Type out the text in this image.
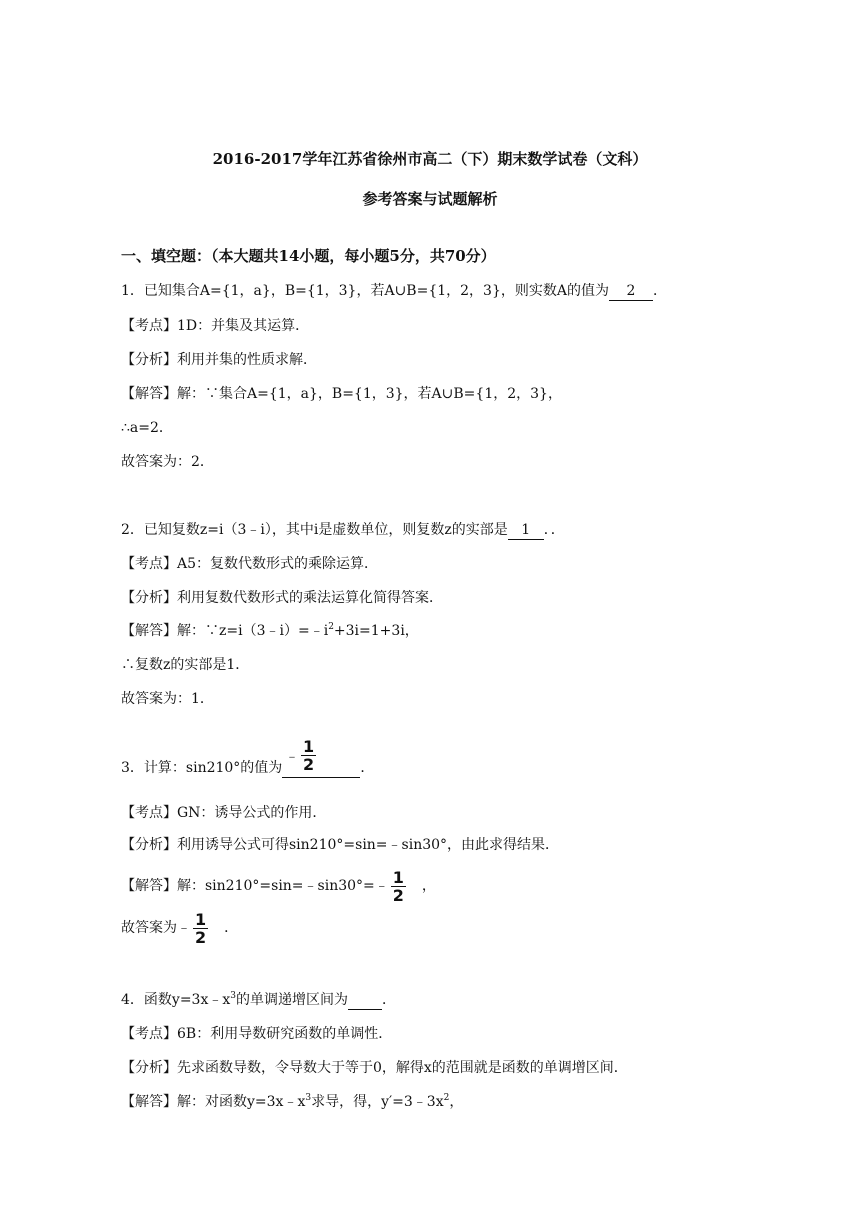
2016-2017学年江苏省徐州市高二（下）期末数学试卷（文科）
参考答案与试题解析
一、填空题：（本大题共14小题，每小题5分，共70分）
1．已知集合A={1，a}，B={1，3}，若A∪B={1，2，3}，则实数A的值为 2 ．
【考点】1D：并集及其运算．
【分析】利用并集的性质求解．
【解答】解：∵集合A={1，a}，B={1，3}，若A∪B={1，2，3}，
∴a=2．
故答案为：2．
2．已知复数z=i（3﹣i），其中i是虚数单位，则复数z的实部是 1 ．．
【考点】A5：复数代数形式的乘除运算．
【分析】利用复数代数形式的乘法运算化简得答案．
【解答】解：$\because z=i(3﹣i)=﹣i^2+3i=1+3i$，
∴复数z的实部是1．
故答案为：1．
3．计算：sin210°的值为	．
﹣ $\frac{1}{2}$
【考点】GN：诱导公式的作用．
【分析】利用诱导公式可得sin210°=sin=﹣sin30°，由此求得结果．
【解答】解：sin210°=sin=﹣sin30°=﹣ $\frac{1}{2}$ ，
故答案为﹣ $\frac{1}{2}$ ．
4．函数$y=3x﹣x^3$的单调递增区间为 ．
【考点】6B：利用导数研究函数的单调性．
【分析】先求函数导数，令导数大于等于0，解得x的范围就是函数的单调增区间．
【解答】解：对函数$y=3x﹣x^3$求导，得，$y'=3﹣3x^2$，
